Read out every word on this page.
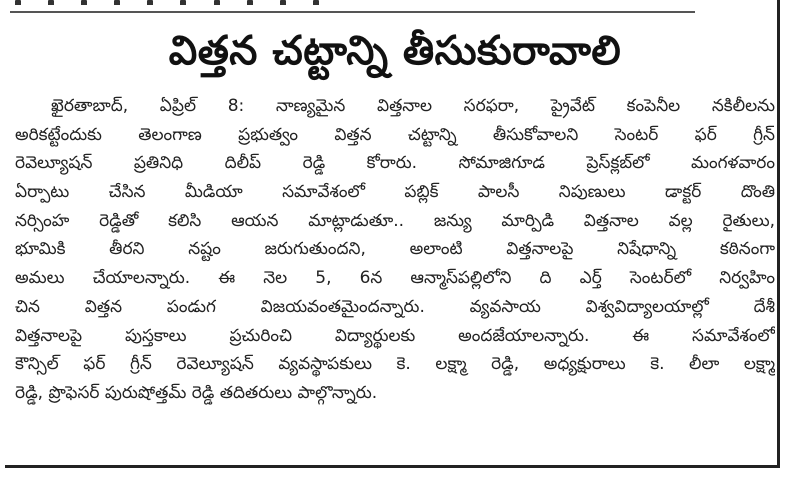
విత్తన చట్టాన్ని తీసుకురావాలి
ఖైరతాబాద్, ఏప్రిల్ 8: నాణ్యమైన విత్తనాల సరఫరా, ప్రైవేట్ కంపెనీల నకిలీలను
అరికట్టేందుకు తెలంగాణ ప్రభుత్వం విత్తన చట్టాన్ని తీసుకోవాలని సెంటర్ ఫర్ గ్రీన్
రెవెల్యూషన్ ప్రతినిధి దిలీప్ రెడ్డి కోరారు. సోమాజిగూడ ప్రెస్‌క్లబ్‌లో మంగళవారం
ఏర్పాటు చేసిన మీడియా సమావేశంలో పబ్లిక్ పాలసీ నిపుణులు డాక్టర్ దొంతి
నర్సింహ రెడ్డితో కలిసి ఆయన మాట్లాడుతూ.. జన్యు మార్పిడి విత్తనాల వల్ల రైతులు,
భూమికి తీరని నష్టం జరుగుతుందని, అలాంటి విత్తనాలపై నిషేధాన్ని కఠినంగా
అమలు చేయాలన్నారు. ఈ నెల 5, 6న ఆన్మాస్‌పల్లిలోని ది ఎర్త్ సెంటర్‌లో నిర్వహిం
చిన విత్తన పండుగ విజయవంతమైందన్నారు. వ్యవసాయ విశ్వవిద్యాలయాల్లో దేశీ
విత్తనాలపై పుస్తకాలు ప్రచురించి విద్యార్థులకు అందజేయాలన్నారు. ఈ సమావేశంలో
కౌన్సిల్ ఫర్ గ్రీన్ రెవెల్యూషన్ వ్యవస్థాపకులు కె. లక్ష్మా రెడ్డి, అధ్యక్షురాలు కె. లీలా లక్ష్మా
రెడ్డి, ప్రొఫెసర్ పురుషోత్తమ్ రెడ్డి తదితరులు పాల్గొన్నారు.
